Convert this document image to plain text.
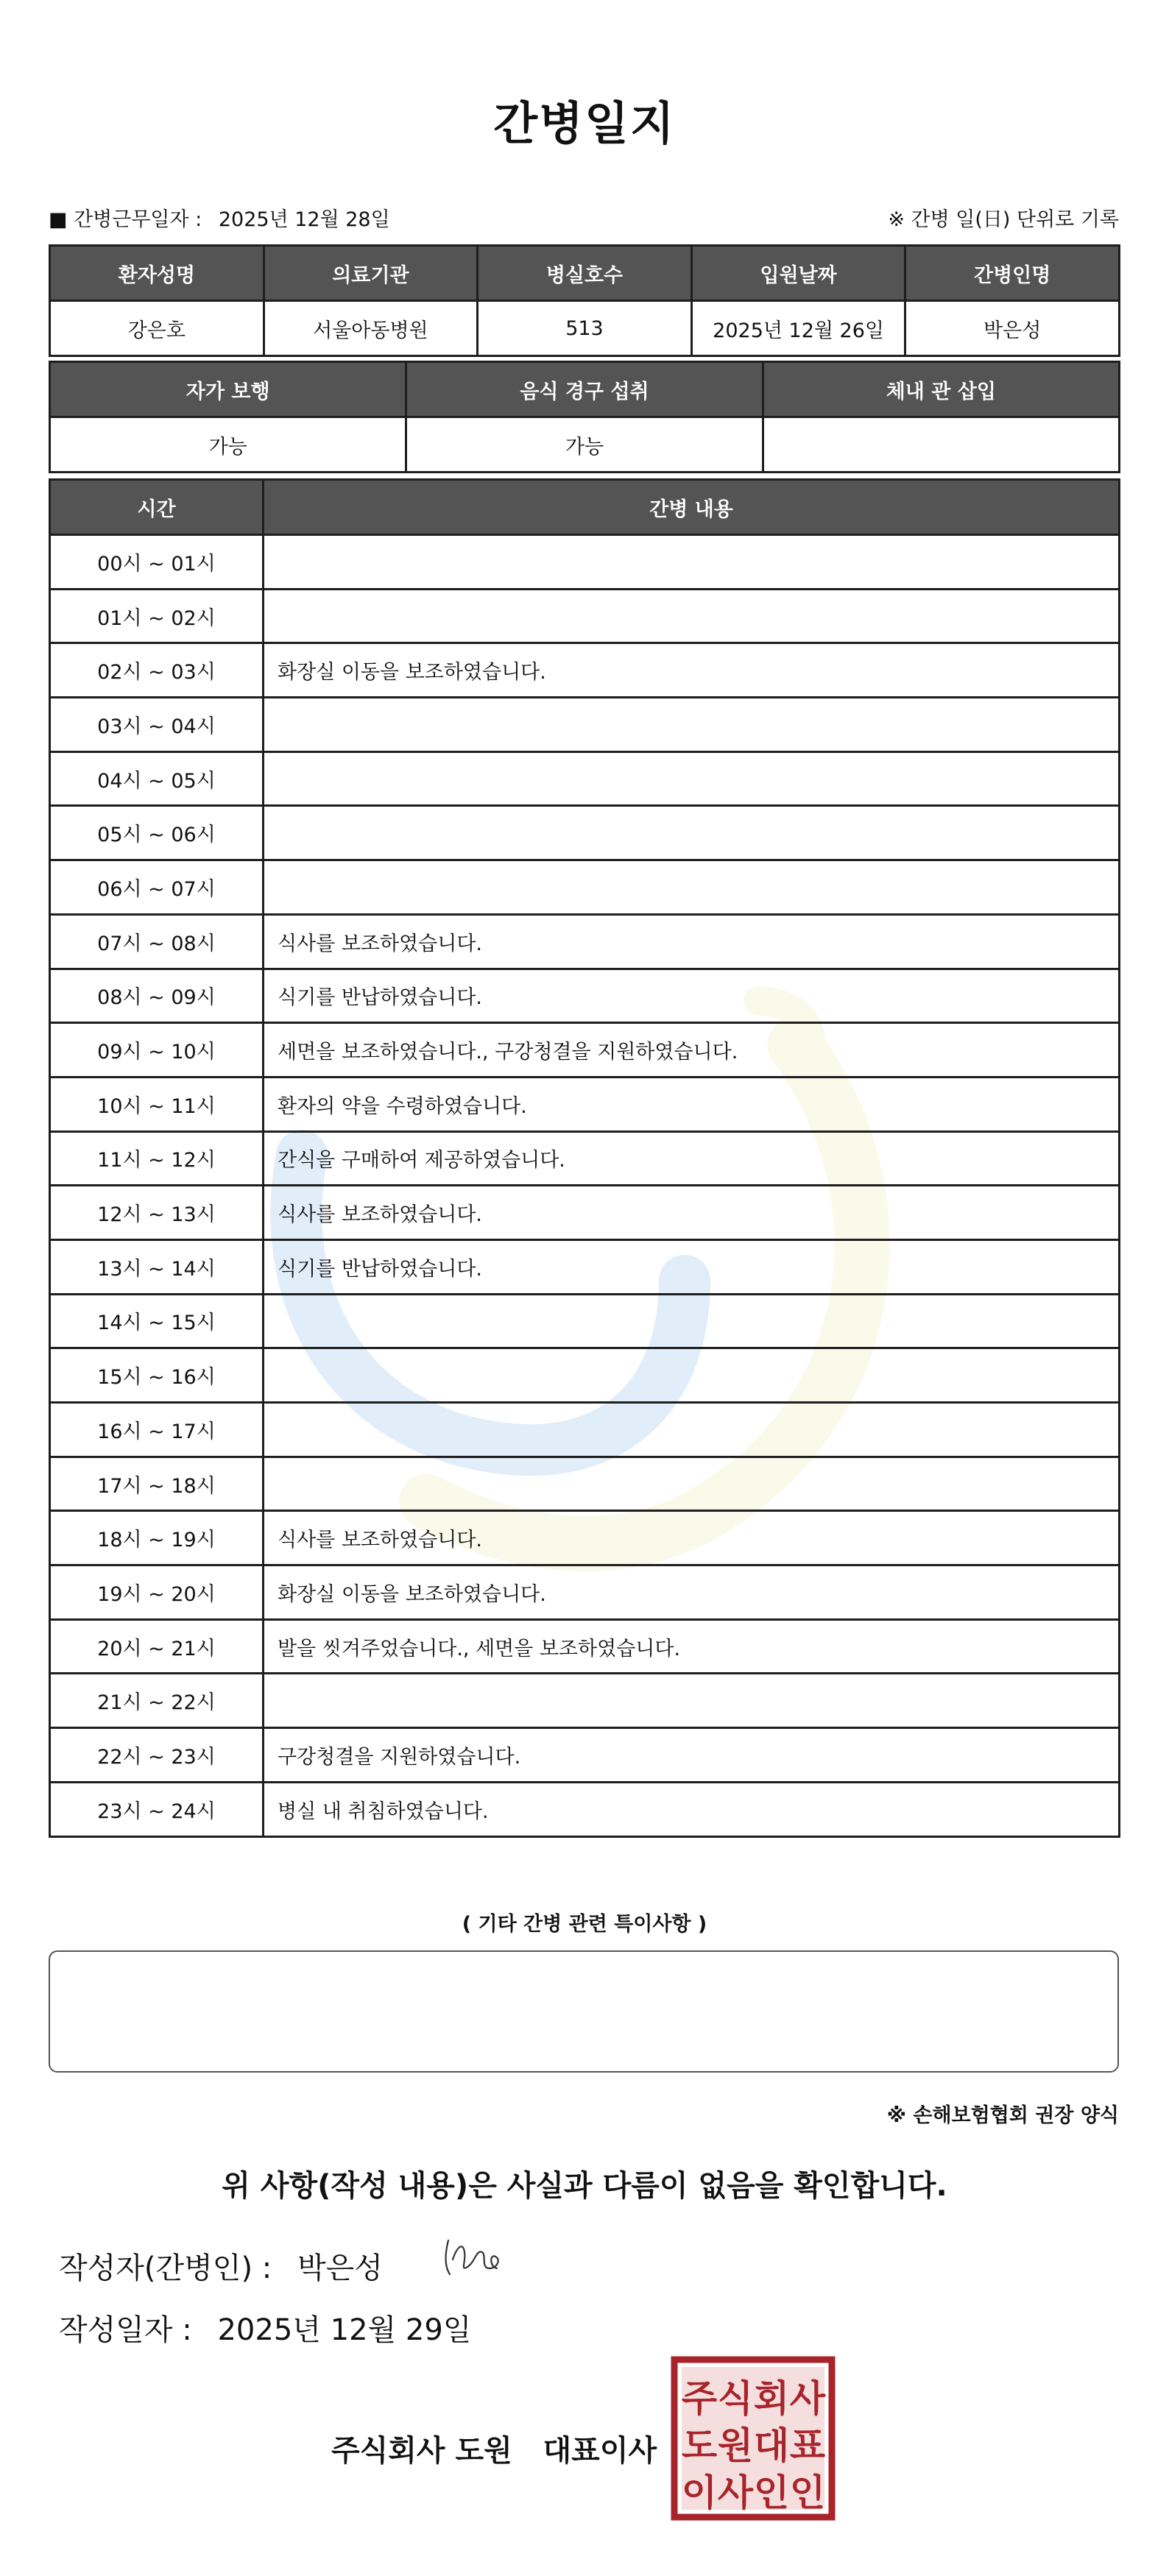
간병일지
■ 간병근무일자 : 2025년 12월 28일	※ 간병 일(日) 단위로 기록
환자성명	의료기관	병실호수	입원날짜	간병인명
강은호	서울아동병원	513	2025년 12월 26일	박은성
자가 보행	음식 경구 섭취	체내 관 삽입
가능	가능	
시간	간병 내용
00시 ~ 01시	
01시 ~ 02시	
02시 ~ 03시	화장실 이동을 보조하였습니다.
03시 ~ 04시	
04시 ~ 05시	
05시 ~ 06시	
06시 ~ 07시	
07시 ~ 08시	식사를 보조하였습니다.
08시 ~ 09시	식기를 반납하였습니다.
09시 ~ 10시	세면을 보조하였습니다., 구강청결을 지원하였습니다.
10시 ~ 11시	환자의 약을 수령하였습니다.
11시 ~ 12시	간식을 구매하여 제공하였습니다.
12시 ~ 13시	식사를 보조하였습니다.
13시 ~ 14시	식기를 반납하였습니다.
14시 ~ 15시	
15시 ~ 16시	
16시 ~ 17시	
17시 ~ 18시	
18시 ~ 19시	식사를 보조하였습니다.
19시 ~ 20시	화장실 이동을 보조하였습니다.
20시 ~ 21시	발을 씻겨주었습니다., 세면을 보조하였습니다.
21시 ~ 22시	
22시 ~ 23시	구강청결을 지원하였습니다.
23시 ~ 24시	병실 내 취침하였습니다.
( 기타 간병 관련 특이사항 )
※ 손해보험협회 권장 양식
위 사항(작성 내용)은 사실과 다름이 없음을 확인합니다.
작성자(간병인) : 박은성
작성일자 : 2025년 12월 29일
주식회사 도원   대표이사
주 식 회 사
도 원 대 표
이 사 인 인
